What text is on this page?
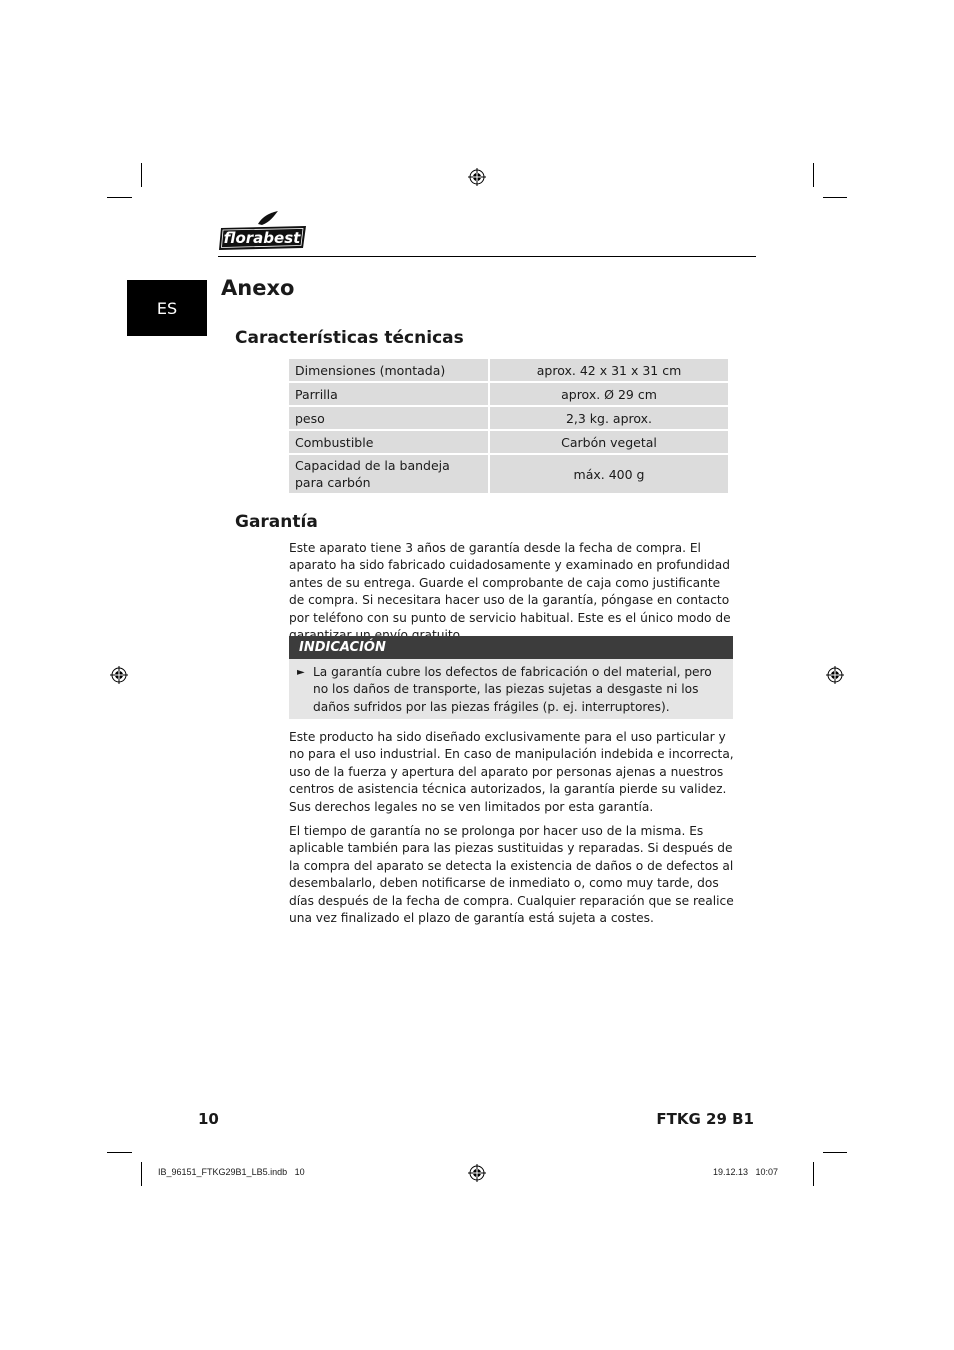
florabest
ES
Anexo
Características técnicas
Dimensiones (montada)	aprox. 42 x 31 x 31 cm
Parrilla	aprox. Ø 29 cm
peso	2,3 kg. aprox.
Combustible	Carbón vegetal
Capacidad de la bandeja para carbón	máx. 400 g
Garantía
Este aparato tiene 3 años de garantía desde la fecha de compra. El aparato ha sido fabricado cuidadosamente y examinado en profundidad antes de su entrega. Guarde el comprobante de caja como justificante de compra. Si necesitara hacer uso de la garantía, póngase en contacto por teléfono con su punto de servicio habitual. Este es el único modo de
INDICACIÓN
► La garantía cubre los defectos de fabricación o del material, pero no los daños de transporte, las piezas sujetas a desgaste ni los daños sufridos por las piezas frágiles (p. ej. interruptores).
Este producto ha sido diseñado exclusivamente para el uso particular y no para el uso industrial. En caso de manipulación indebida e incorrecta, uso de la fuerza y apertura del aparato por personas ajenas a nuestros centros de asistencia técnica autorizados, la garantía pierde su validez. Sus derechos legales no se ven limitados por esta garantía.
El tiempo de garantía no se prolonga por hacer uso de la misma. Es aplicable también para las piezas sustituidas y reparadas. Si después de la compra del aparato se detecta la existencia de daños o de defectos al desembalarlo, deben notificarse de inmediato o, como muy tarde, dos días después de la fecha de compra. Cualquier reparación que se realice una vez finalizado el plazo de garantía está sujeta a costes.
10	FTKG 29 B1
IB_96151_FTKG29B1_LB5.indb   10	19.12.13   10:07
